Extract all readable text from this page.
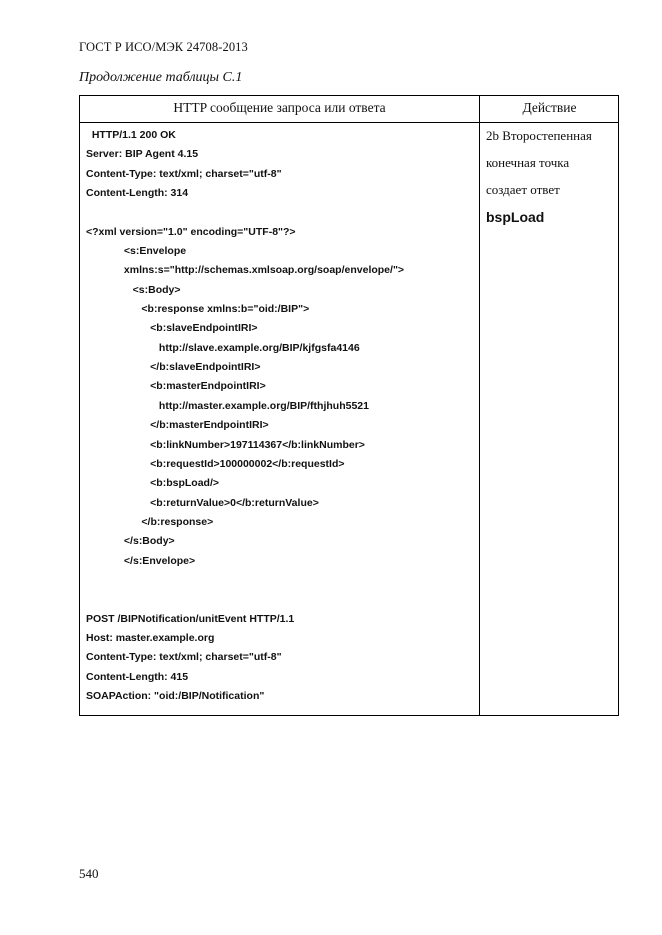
ГОСТ Р ИСО/МЭК 24708-2013
Продолжение таблицы С.1
HTTP сообщение запроса или ответа	Действие
HTTP/1.1 200 OK
Server: BIP Agent 4.15
Content-Type: text/xml; charset="utf-8"
Content-Length: 314
<?xml version="1.0" encoding="UTF-8"?>
<s:Envelope
xmlns:s="http://schemas.xmlsoap.org/soap/envelope/">
<s:Body>
<b:response xmlns:b="oid:/BIP">
<b:slaveEndpointIRI>
http://slave.example.org/BIP/kjfgsfa4146
</b:slaveEndpointIRI>
<b:masterEndpointIRI>
http://master.example.org/BIP/fthjhuh5521
</b:masterEndpointIRI>
<b:linkNumber>197114367</b:linkNumber>
<b:requestId>100000002</b:requestId>
<b:bspLoad/>
<b:returnValue>0</b:returnValue>
</b:response>
</s:Body>
</s:Envelope>
POST /BIPNotification/unitEvent HTTP/1.1
Host: master.example.org
Content-Type: text/xml; charset="utf-8"
Content-Length: 415
SOAPAction: "oid:/BIP/Notification"
2b Второстепенная
конечная точка
создает ответ
bspLoad
540
